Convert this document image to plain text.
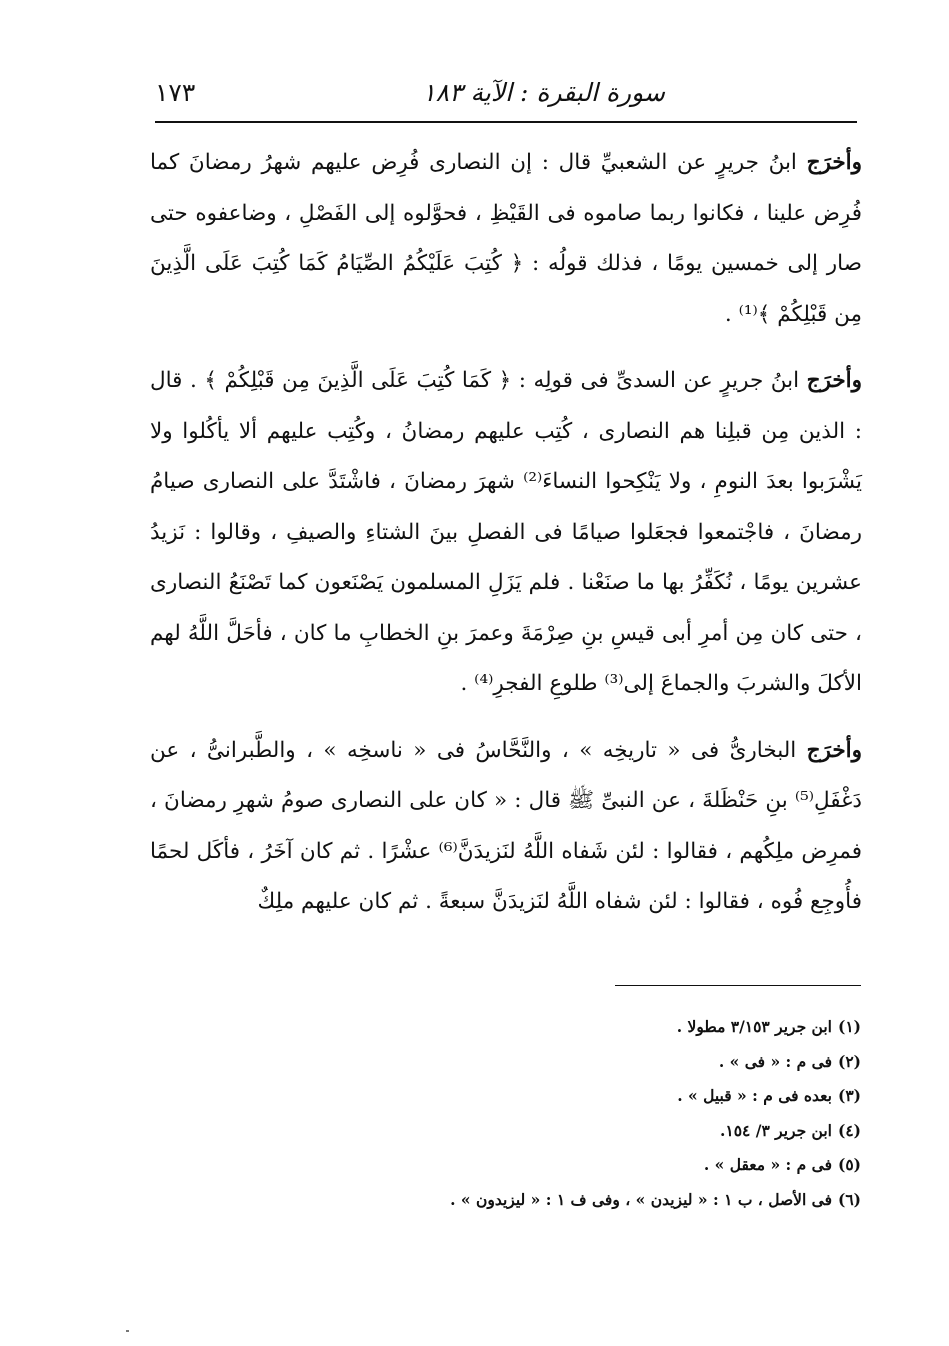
سورة البقرة : الآية ١٨٣
١٧٣

وأخرَج ابنُ جريرٍ عن الشعبيِّ قال : إن النصارى فُرِض عليهم شهرُ رمضانَ كما فُرِض علينا ، فكانوا ربما صاموه فى القَيْظِ ، فحوَّلوه إلى الفَصْلِ ، وضاعفوه حتى صار إلى خمسين يومًا ، فذلك قولُه : ﴿ كُتِبَ عَلَيْكُمُ الصِّيَامُ كَمَا كُتِبَ عَلَى الَّذِينَ مِن قَبْلِكُمْ ﴾⁽¹⁾ .

وأخرَج ابنُ جريرٍ عن السدىِّ فى قولِه : ﴿ كَمَا كُتِبَ عَلَى الَّذِينَ مِن قَبْلِكُمْ ﴾ . قال : الذين مِن قبلِنا هم النصارى ، كُتِب عليهم رمضانُ ، وكُتِب عليهم ألا يأكُلوا ولا يَشْرَبوا بعدَ النومِ ، ولا يَنْكِحوا النساءَ⁽²⁾ شهرَ رمضانَ ، فاشْتَدَّ على النصارى صيامُ رمضانَ ، فاجْتمعوا فجعَلوا صيامًا فى الفصلِ بينَ الشتاءِ والصيفِ ، وقالوا : نَزيدُ عشرين يومًا ، نُكَفِّرُ بها ما صنَعْنا . فلم يَزَلِ المسلمون يَصْنَعون كما تَصْنَعُ النصارى ، حتى كان مِن أمرِ أبى قيسِ بنِ صِرْمَةَ وعمرَ بنِ الخطابِ ما كان ، فأحَلَّ اللَّهُ لهم الأكلَ والشربَ والجماعَ إلى⁽³⁾ طلوعِ الفجرِ⁽⁴⁾ .

وأخرَج البخارىُّ فى « تاريخِه » ، والنَّحَّاسُ فى « ناسخِه » ، والطَّبرانىُّ ، عن دَغْفَلِ⁽⁵⁾ بنِ حَنْظَلةَ ، عن النبىِّ ﷺ قال : « كان على النصارى صومُ شهرِ رمضانَ ، فمرِض ملِكُهم ، فقالوا : لئن شَفاه اللَّهُ لنَزيدَنَّ⁽⁶⁾ عشْرًا . ثم كان آخَرُ ، فأكَل لحمًا فأُوجِع فُوه ، فقالوا : لئن شفاه اللَّهُ لنَزيدَنَّ سبعةً . ثم كان عليهم ملِكٌ

(١)ابن جرير ٣/١٥٣ مطولا .
(٢)فى م : « فى » .
(٣)بعده فى م : « قبيل » .
(٤)ابن جرير ٣/ ١٥٤.
(٥)فى م : « معقل » .
(٦)فى الأصل ، ب ١ : « ليزيدن » ، وفى ف ١ : « ليزيدون » .
